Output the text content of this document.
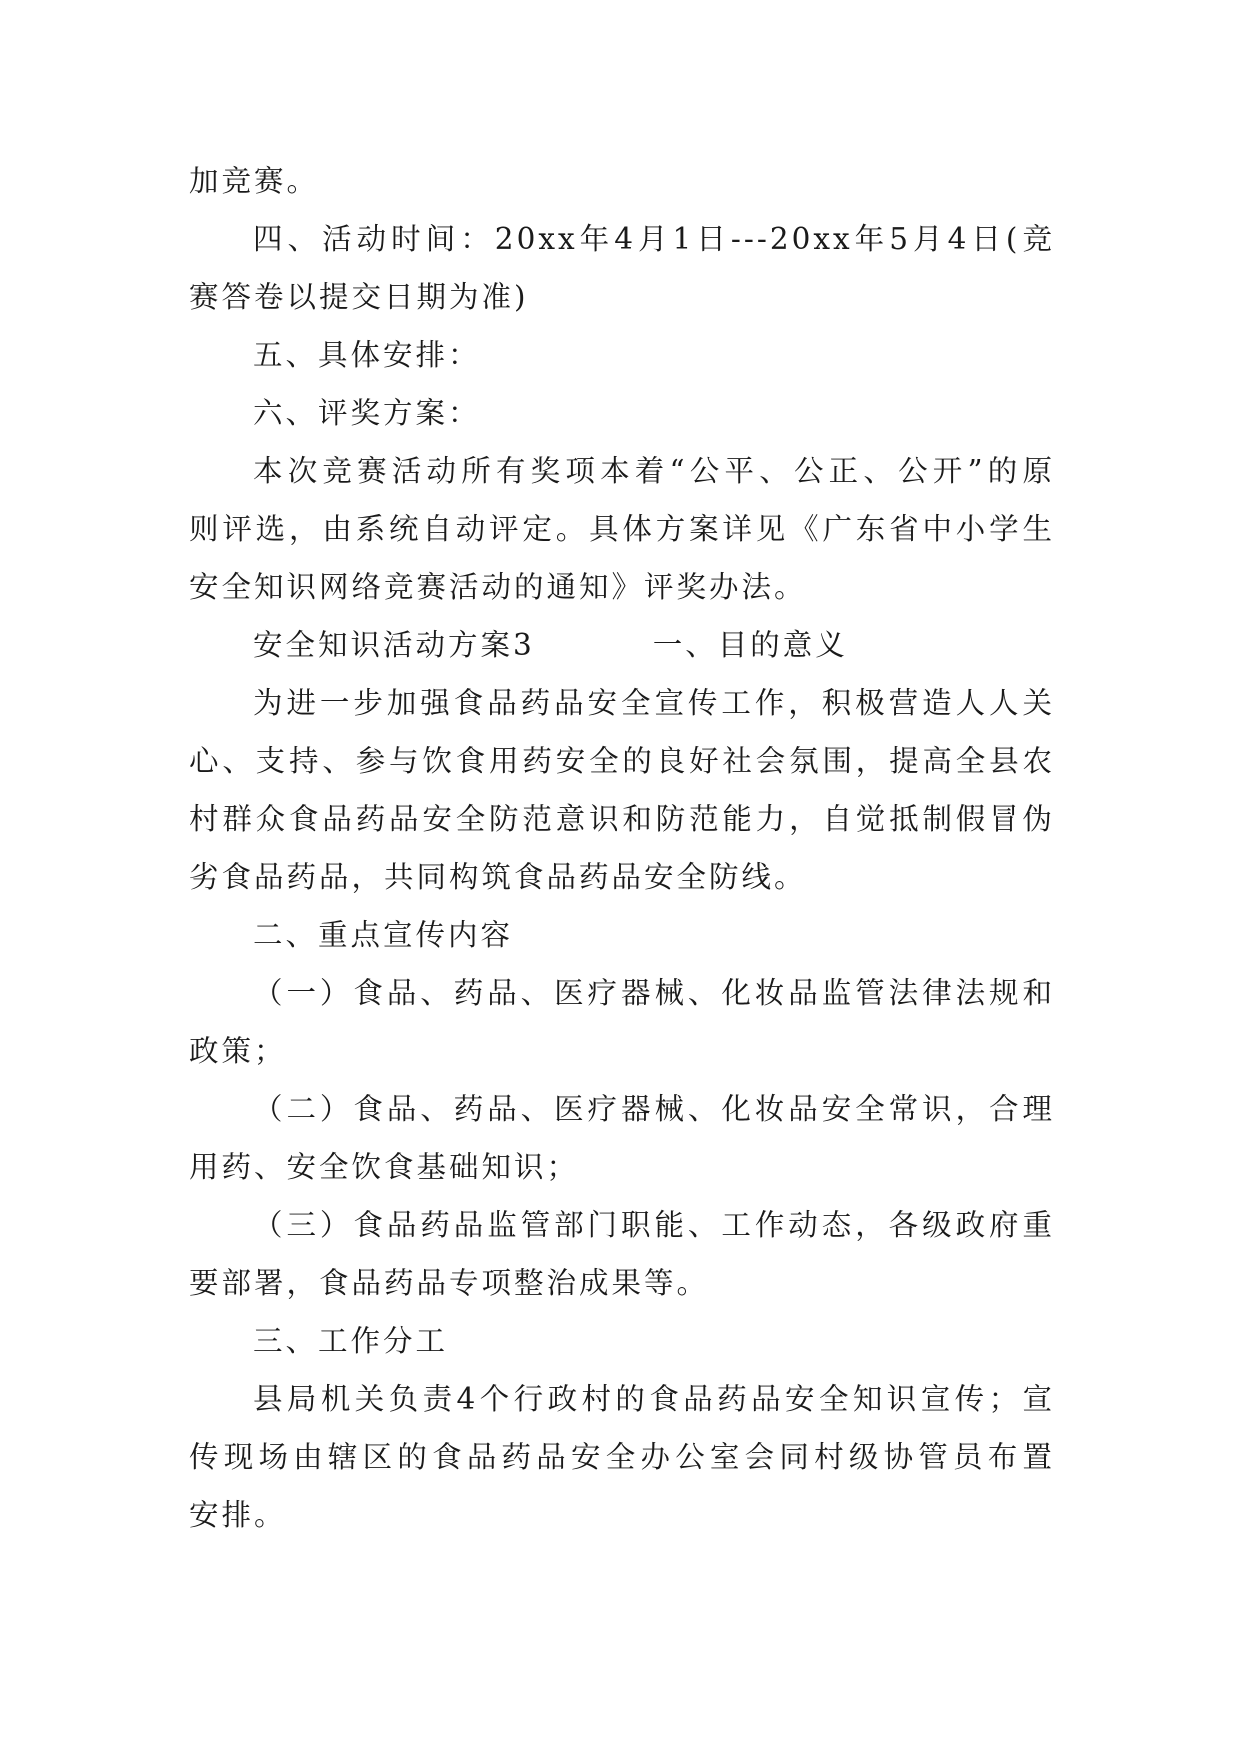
加竞赛。
四、活动时间：20xx年4月1日---20xx年5月4日(竞
赛答卷以提交日期为准)
五、具体安排：
六、评奖方案：
本次竞赛活动所有奖项本着“公平、公正、公开”的原
则评选，由系统自动评定。具体方案详见《广东省中小学生
安全知识网络竞赛活动的通知》评奖办法。
安全知识活动方案3	一、目的意义
为进一步加强食品药品安全宣传工作，积极营造人人关
心、支持、参与饮食用药安全的良好社会氛围，提高全县农
村群众食品药品安全防范意识和防范能力，自觉抵制假冒伪
劣食品药品，共同构筑食品药品安全防线。
二、重点宣传内容
（一）食品、药品、医疗器械、化妆品监管法律法规和
政策；
（二）食品、药品、医疗器械、化妆品安全常识，合理
用药、安全饮食基础知识；
（三）食品药品监管部门职能、工作动态，各级政府重
要部署，食品药品专项整治成果等。
三、工作分工
县局机关负责4个行政村的食品药品安全知识宣传；宣
传现场由辖区的食品药品安全办公室会同村级协管员布置
安排。
